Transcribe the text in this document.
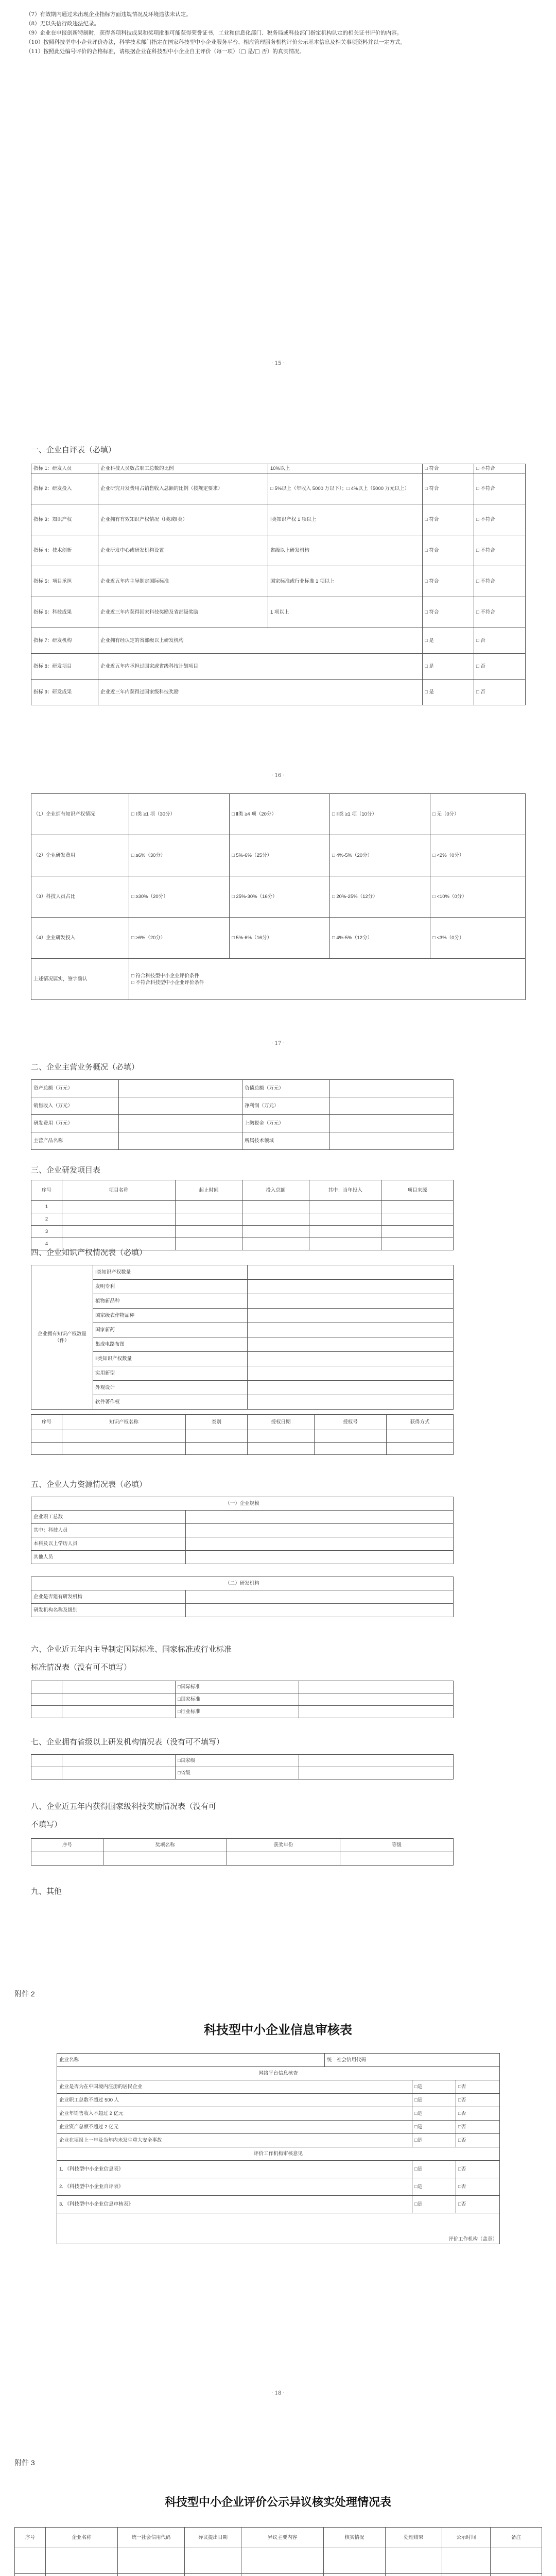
（7）有效期内通过未出现企业指标方面违规情况及环境违法未认定。

（8）无以失信行政违法纪录。

（9）企业在申报创新特制时，获得各项科技成果和奖项批准可能获得荣誉证书，工业和信息化部门、税务局或科技部门指定机构认定的相关证书评价的内容。

（10）按照科技型中小企业评价办法，科学技术部门指定在国家科技型中小企业服务平台、相应管理服务机构评价公示基本信息及相关事项资料并以一定方式。

（11）按照此处编号评价的合格标准，请根据企业在科技型中小企业自主评价（每一项）（□ 是/□ 否）的真实情况。

· 15 ·
一、企业自评表（必填）
指标 1：研发人员	企业科技人员数占职工总数的比例	10%以上	□ 符合	□ 不符合
指标 2：研发投入	企业研究开发费用占销售收入总额的比例（按规定要求）	□ 5%以上（年收入 5000 万以下）；□ 4%以上（5000 万元以上）	□ 符合	□ 不符合
指标 3：知识产权	企业拥有有效知识产权情况（Ⅰ类或Ⅱ类）	Ⅰ类知识产权 1 项以上	□ 符合	□ 不符合
指标 4：技术创新	企业研发中心或研发机构设置	省级以上研发机构	□ 符合	□ 不符合
指标 5：项目承担	企业近五年内主导制定国际标准	国家标准或行业标准 1 项以上	□ 符合	□ 不符合
指标 6：科技成果	企业近三年内获得国家科技奖励及省部级奖励	1 项以上	□ 符合	□ 不符合
指标 7：研发机构	企业拥有经认定的省部级以上研发机构		□ 是	□ 否
指标 8：研发项目	企业近五年内承担过国家或省级科技计划项目		□ 是	□ 否
指标 9：研发成果	企业近三年内获得过国家级科技奖励		□ 是	□ 否
· 16 ·
（1）企业拥有知识产权情况	□ Ⅰ类 ≥1 项（30分）	□ Ⅱ类 ≥4 项（20分）	□ Ⅱ类 ≥1 项（10分）	□ 无（0分）
（2）企业研发费用	□ ≥6%（30分）	□ 5%-6%（25分）	□ 4%-5%（20分）	□ <2%（0分）
（3）科技人员占比	□ ≥30%（20分）	□ 25%-30%（16分）	□ 20%-25%（12分）	□ <10%（0分）
（4）企业研发投入	□ ≥6%（20分）	□ 5%-6%（16分）	□ 4%-5%（12分）	□ <3%（0分）
上述情况属实，签字确认	□ 符合科技型中小企业评价条件
□ 不符合科技型中小企业评价条件			
· 17 ·
二、企业主营业务概况（必填）
资产总额（万元）		负债总额（万元）	
销售收入（万元）		净利润（万元）	
研发费用（万元）		上缴税金（万元）	
主营产品名称		所属技术领域	
三、企业研发项目表
序号	项目名称	起止时间	投入总额	其中：当年投入	项目来源
1					
2					
3					
4					
四、企业知识产权情况表（必填）
企业拥有知识产权数量（件）	Ⅰ类知识产权数量	
	发明专利	
	植物新品种	
	国家级农作物品种	
	国家新药	
	集成电路布图	
	Ⅱ类知识产权数量	
	实用新型	
	外观设计	
	软件著作权	
序号	知识产权名称	类别	授权日期	授权号	获得方式

五、企业人力资源情况表（必填）
（一）企业规模	
企业职工总数	
其中：科技人员	
本科及以上学历人员	
其他人员	
（二）研发机构	
企业是否建有研发机构	
研发机构名称及级别	
六、企业近五年内主导制定国际标准、国家标准或行业标准
标准情况表（没有可不填写）
		□国际标准	
		□国家标准	
		□行业标准	
七、企业拥有省级以上研发机构情况表（没有可不填写）
		□国家级	
		□省级	
八、企业近五年内获得国家级科技奖励情况表（没有可
不填写）
序号	奖项名称	获奖年份	等级

九、其他
附件 2
科技型中小企业信息审核表
企业名称	统一社会信用代码		
网络平台信息核查			
企业是否为在中国境内注册的居民企业		□是	□否
企业职工总数不超过 500 人		□是	□否
企业年销售收入不超过 2 亿元		□是	□否
企业资产总额不超过 2 亿元		□是	□否
企业在填报上一年及当年内未发生重大安全事故		□是	□否
评价工作机构审核意见			
1. 《科技型中小企业信息表》		□是	□否
2. 《科技型中小企业自评表》		□是	□否
3. 《科技型中小企业信息审核表》		□是	□否
评价工作机构（盖章）			
· 18 ·
附件 3
科技型中小企业评价公示异议核实处理情况表
序号	企业名称	统一社会信用代码	异议提出日期	异议主要内容	核实情况	处理结果	公示时间	备注
